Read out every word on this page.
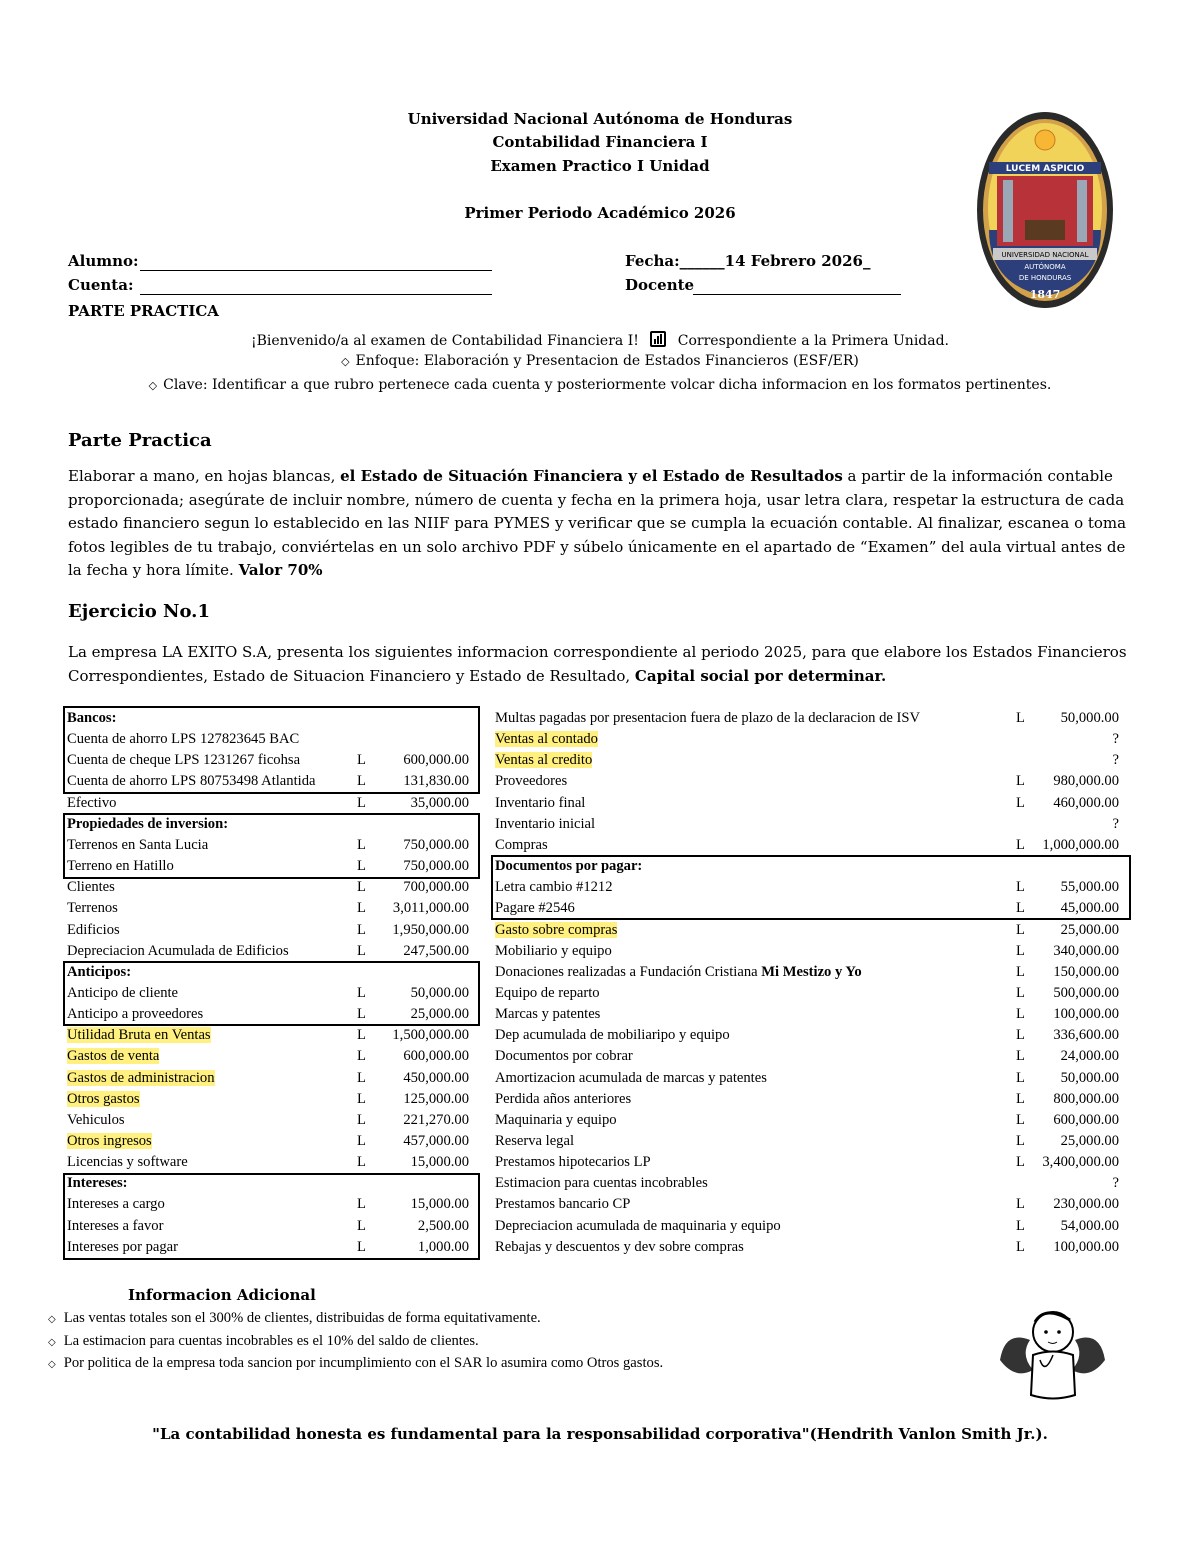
Universidad Nacional Autónoma de Honduras
Contabilidad Financiera I
Examen Practico I Unidad
Primer Periodo Académico 2026
LUCEM ASPICIO
UNIVERSIDAD NACIONAL
AUTÓNOMA
DE HONDURAS
1847
Alumno:
Cuenta:
Fecha:______14 Febrero 2026_
Docente
PARTE PRACTICA
¡Bienvenido/a al examen de Contabilidad Financiera I!	Correspondiente a la Primera Unidad.
◇ Enfoque: Elaboración y Presentacion de Estados Financieros (ESF/ER)
◇ Clave: Identificar a que rubro pertenece cada cuenta y posteriormente volcar dicha informacion en los formatos pertinentes.
Parte Practica
Elaborar a mano, en hojas blancas, el Estado de Situación Financiera y el Estado de Resultados a partir de la información contable proporcionada; asegúrate de incluir nombre, número de cuenta y fecha en la primera hoja, usar letra clara, respetar la estructura de cada estado financiero segun lo establecido en las NIIF para PYMES y verificar que se cumpla la ecuación contable. Al finalizar, escanea o toma fotos legibles de tu trabajo, conviértelas en un solo archivo PDF y súbelo únicamente en el apartado de “Examen” del aula virtual antes de la fecha y hora límite. Valor 70%
Ejercicio No.1
La empresa LA EXITO S.A, presenta los siguientes informacion correspondiente al periodo 2025, para que elabore los Estados Financieros Correspondientes, Estado de Situacion Financiero y Estado de Resultado, Capital social por determinar.
Bancos:
Cuenta de ahorro LPS 127823645 BAC
Cuenta de cheque LPS 1231267 ficohsa	L	600,000.00
Cuenta de ahorro LPS 80753498 Atlantida	L	131,830.00
Efectivo	L	35,000.00
Propiedades de inversion:
Terrenos en Santa Lucia	L	750,000.00
Terreno en Hatillo	L	750,000.00
Clientes	L	700,000.00
Terrenos	L 3,011,000.00
Edificios	L 1,950,000.00
Depreciacion Acumulada de Edificios	L	247,500.00
Anticipos:
Anticipo de cliente	L	50,000.00
Anticipo a proveedores	L	25,000.00
Utilidad Bruta en Ventas	L 1,500,000.00
Gastos de venta	L	600,000.00
Gastos de administracion	L	450,000.00
Otros gastos	L	125,000.00
Vehiculos	L	221,270.00
Otros ingresos	L	457,000.00
Licencias y software	L	15,000.00
Intereses:
Intereses a cargo	L	15,000.00
Intereses a favor	L	2,500.00
Intereses por pagar	L	1,000.00
Multas pagadas por presentacion fuera de plazo de la declaracion de ISV	L 50,000.00
Ventas al contado	?
Ventas al credito	?
Proveedores	L 980,000.00
Inventario final	L 460,000.00
Inventario inicial	?
Compras	L 1,000,000.00
Documentos por pagar:
Letra cambio #1212	L 55,000.00
Pagare #2546	L 45,000.00
Gasto sobre compras	L 25,000.00
Mobiliario y equipo	L 340,000.00
Donaciones realizadas a Fundación Cristiana Mi Mestizo y Yo	L 150,000.00
Equipo de reparto	L 500,000.00
Marcas y patentes	L 100,000.00
Dep acumulada de mobiliaripo y equipo	L 336,600.00
Documentos por cobrar	L 24,000.00
Amortizacion acumulada de marcas y patentes	L 50,000.00
Perdida años anteriores	L 800,000.00
Maquinaria y equipo	L 600,000.00
Reserva legal	L 25,000.00
Prestamos hipotecarios LP	L 3,400,000.00
Estimacion para cuentas incobrables	?
Prestamos bancario CP	L 230,000.00
Depreciacion acumulada de maquinaria y equipo	L 54,000.00
Rebajas y descuentos y dev sobre compras	L 100,000.00
Informacion Adicional
◇ Las ventas totales son el 300% de clientes, distribuidas de forma equitativamente.
◇ La estimacion para cuentas incobrables es el 10% del saldo de clientes.
◇ Por politica de la empresa toda sancion por incumplimiento con el SAR lo asumira como Otros gastos.
"La contabilidad honesta es fundamental para la responsabilidad corporativa"(Hendrith Vanlon Smith Jr.).
